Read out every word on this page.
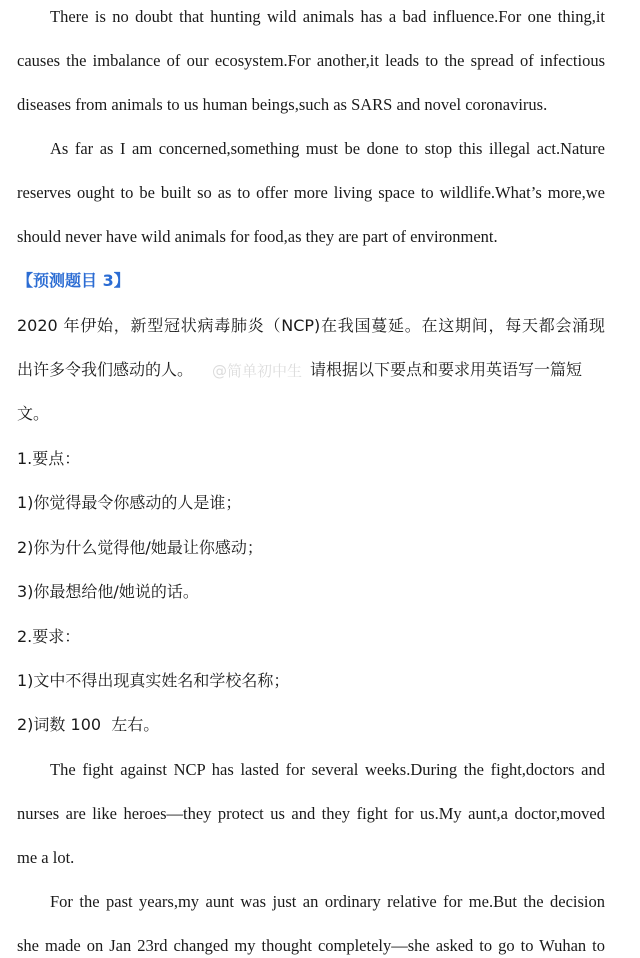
There is no doubt that hunting wild animals has a bad influence.For one thing,it
causes the imbalance of our ecosystem.For another,it leads to the spread of infectious
diseases from animals to us human beings,such as SARS and novel coronavirus.
As far as I am concerned,something must be done to stop this illegal act.Nature
reserves ought to be built so as to offer more living space to wildlife.What’s more,we
should never have wild animals for food,as they are part of environment.
【预测题目 3】
2020 年伊始，新型冠状病毒肺炎（NCP)在我国蔓延。在这期间，每天都会涌现
出许多令我们感动的人。 @简单初中生 请根据以下要点和要求用英语写一篇短
文。
1.要点：
1)你觉得最令你感动的人是谁；
2)你为什么觉得他/她最让你感动；
3)你最想给他/她说的话。
2.要求：
1)文中不得出现真实姓名和学校名称；
2)词数 100  左右。
The fight against NCP has lasted for several weeks.During the fight,doctors and
nurses are like heroes—they protect us and they fight for us.My aunt,a doctor,moved
me a lot.
For the past years,my aunt was just an ordinary relative for me.But the decision
she made on Jan 23rd changed my thought completely—she asked to go to Wuhan to
